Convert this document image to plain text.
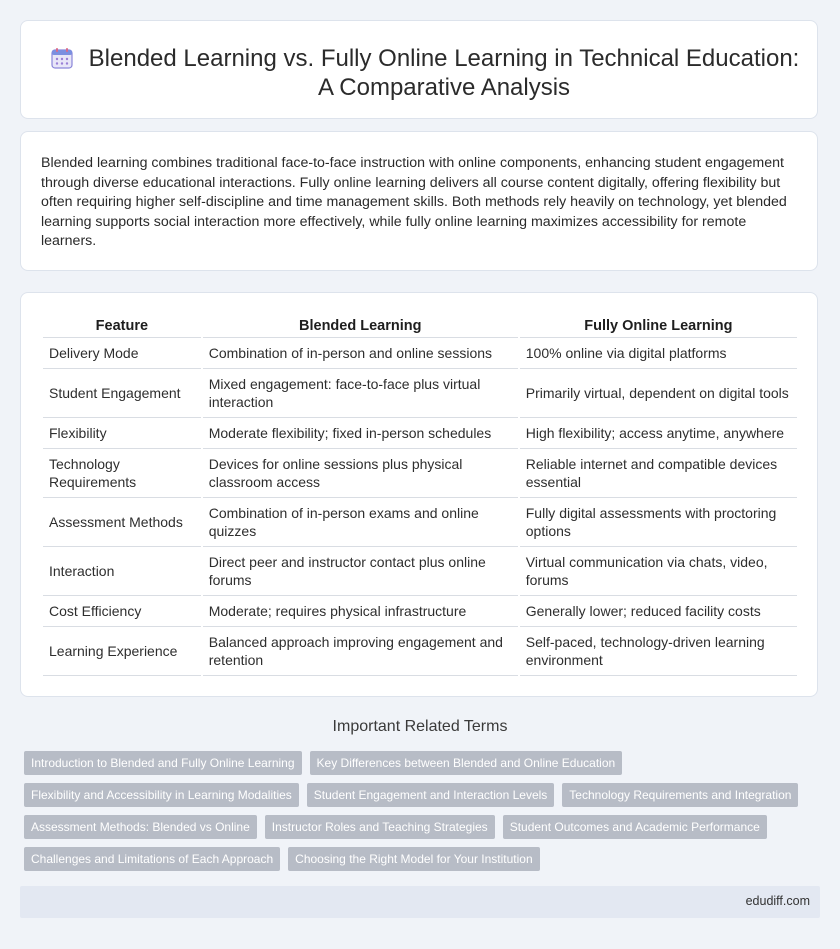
Blended Learning vs. Fully Online Learning in Technical Education: A Comparative Analysis

Blended learning combines traditional face-to-face instruction with online components, enhancing student engagement through diverse educational interactions. Fully online learning delivers all course content digitally, offering flexibility but often requiring higher self-discipline and time management skills. Both methods rely heavily on technology, yet blended learning supports social interaction more effectively, while fully online learning maximizes accessibility for remote learners.

Feature	Blended Learning	Fully Online Learning
Delivery Mode	Combination of in-person and online sessions	100% online via digital platforms
Student Engagement	Mixed engagement: face-to-face plus virtual interaction	Primarily virtual, dependent on digital tools
Flexibility	Moderate flexibility; fixed in-person schedules	High flexibility; access anytime, anywhere
Technology Requirements	Devices for online sessions plus physical classroom access	Reliable internet and compatible devices essential
Assessment Methods	Combination of in-person exams and online quizzes	Fully digital assessments with proctoring options
Interaction	Direct peer and instructor contact plus online forums	Virtual communication via chats, video, forums
Cost Efficiency	Moderate; requires physical infrastructure	Generally lower; reduced facility costs
Learning Experience	Balanced approach improving engagement and retention	Self-paced, technology-driven learning environment
Important Related Terms
Introduction to Blended and Fully Online Learning	Key Differences between Blended and Online Education
Flexibility and Accessibility in Learning Modalities	Student Engagement and Interaction Levels	Technology Requirements and Integration
Assessment Methods: Blended vs Online	Instructor Roles and Teaching Strategies	Student Outcomes and Academic Performance
Challenges and Limitations of Each Approach	Choosing the Right Model for Your Institution
edudiff.com
